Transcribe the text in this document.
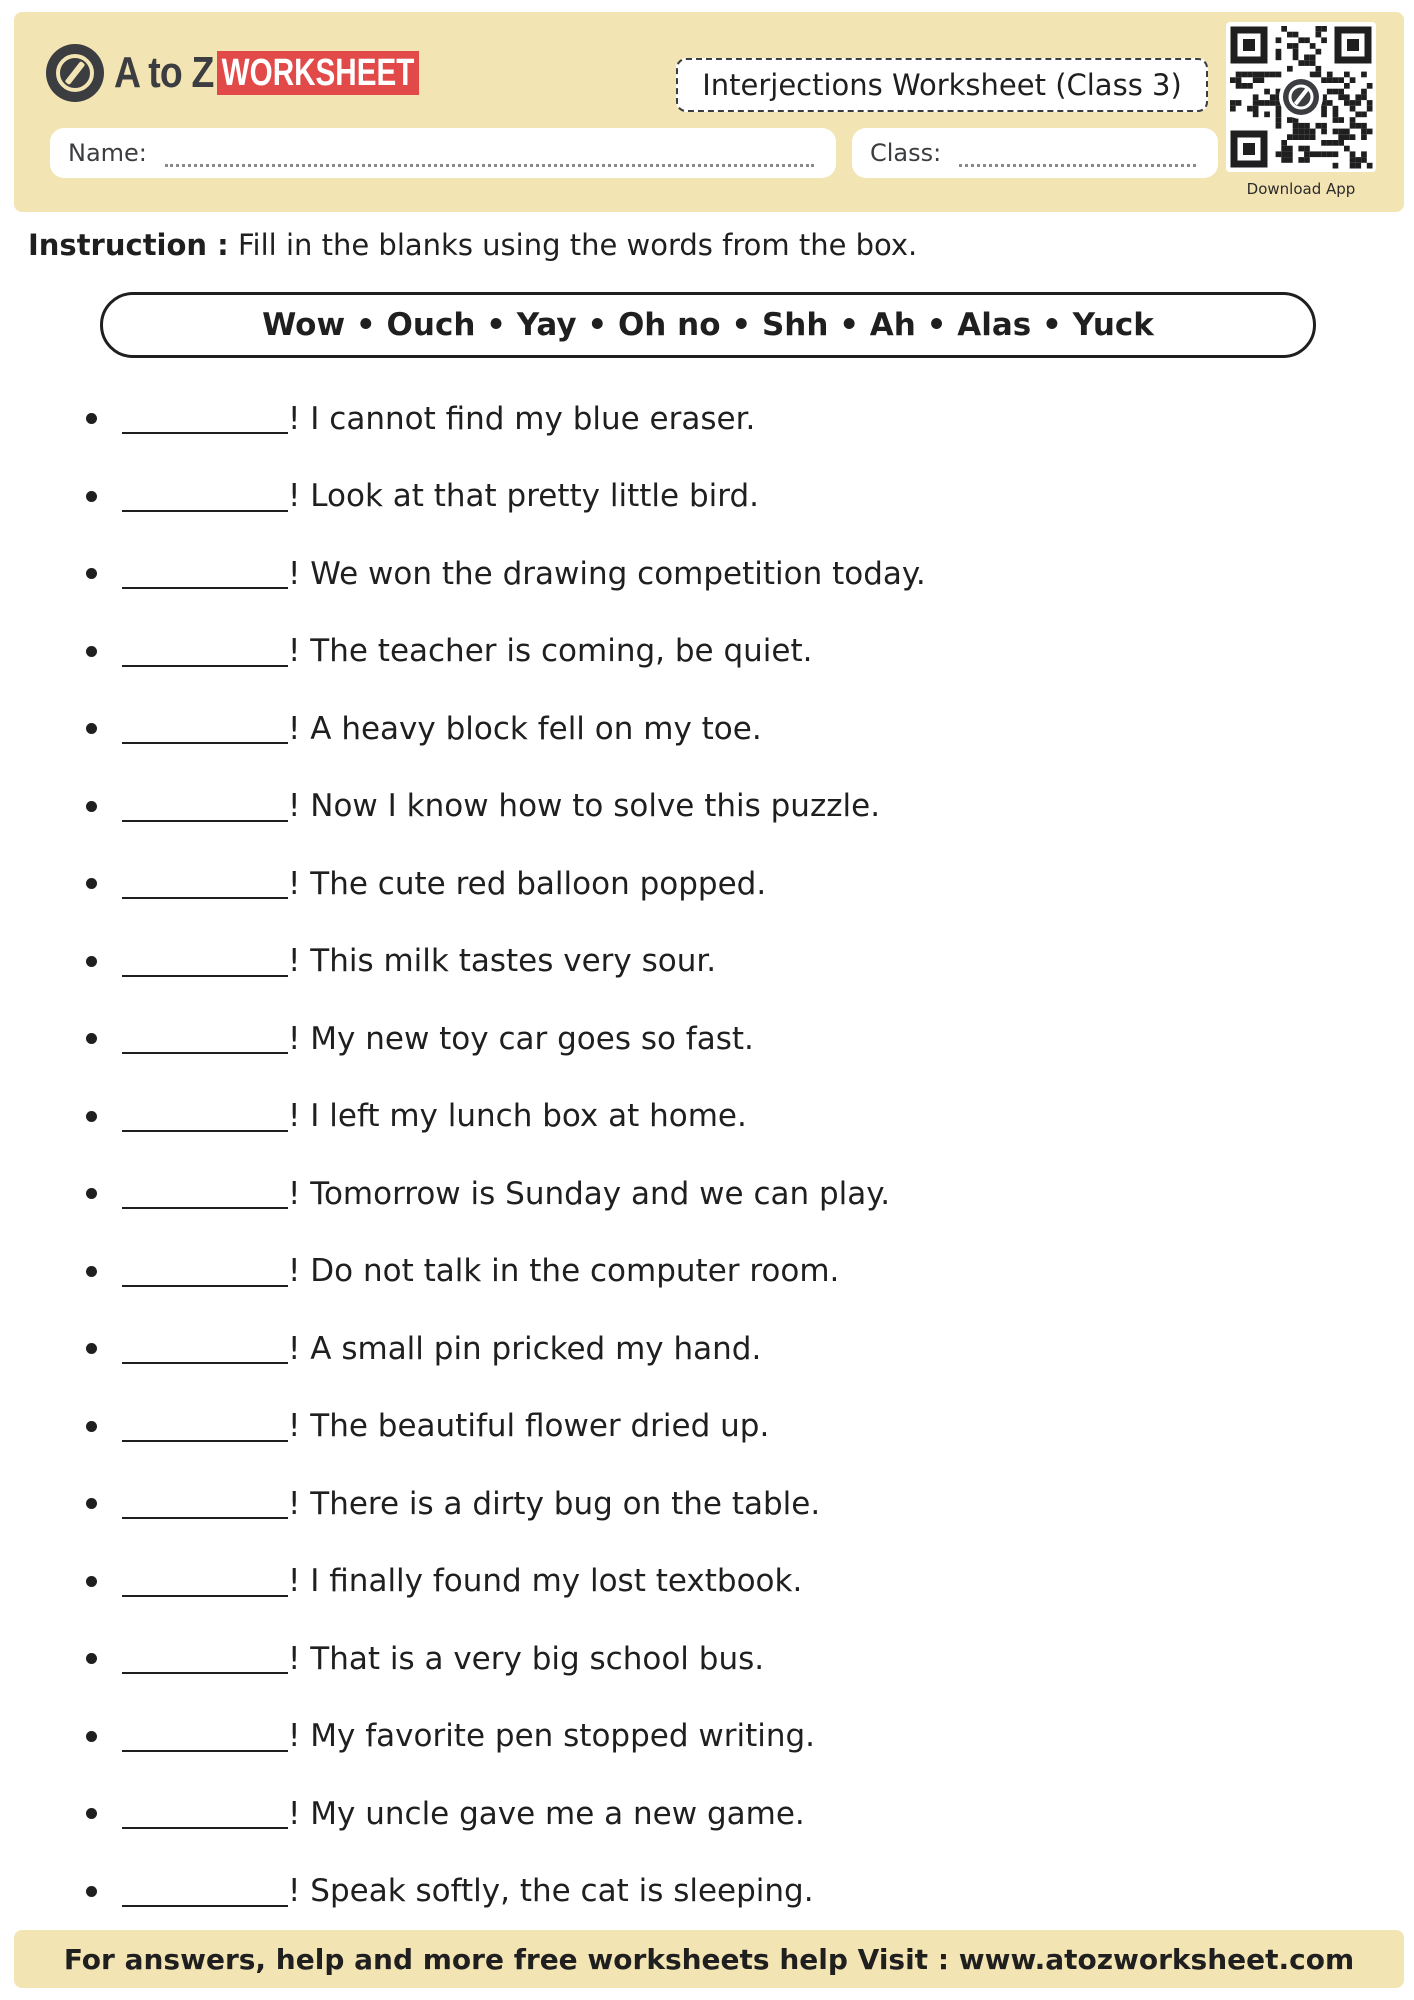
A to Z WORKSHEET	Interjections Worksheet (Class 3)
Name:	Class:
Download App
Instruction : Fill in the blanks using the words from the box.
Wow • Ouch • Yay • Oh no • Shh • Ah • Alas • Yuck
! I cannot find my blue eraser.
! Look at that pretty little bird.
! We won the drawing competition today.
! The teacher is coming, be quiet.
! A heavy block fell on my toe.
! Now I know how to solve this puzzle.
! The cute red balloon popped.
! This milk tastes very sour.
! My new toy car goes so fast.
! I left my lunch box at home.
! Tomorrow is Sunday and we can play.
! Do not talk in the computer room.
! A small pin pricked my hand.
! The beautiful flower dried up.
! There is a dirty bug on the table.
! I finally found my lost textbook.
! That is a very big school bus.
! My favorite pen stopped writing.
! My uncle gave me a new game.
! Speak softly, the cat is sleeping.
For answers, help and more free worksheets help Visit : www.atozworksheet.com
